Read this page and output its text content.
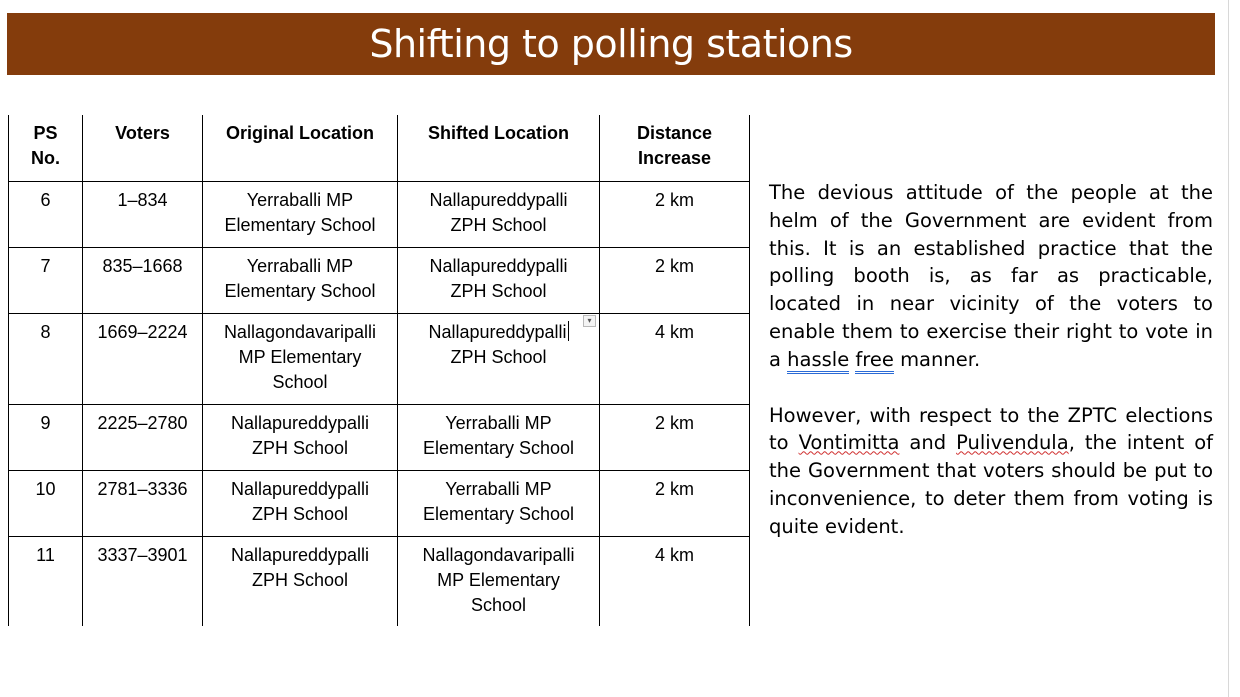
Shifting to polling stations
PS
No.	Voters	Original Location	Shifted Location	Distance
Increase
6	1–834	Yerraballi MP
Elementary School	Nallapureddypalli
ZPH School	2 km
7	835–1668	Yerraballi MP
Elementary School	Nallapureddypalli
ZPH School	2 km
8	1669–2224	Nallagondavaripalli
MP Elementary
School	Nallapureddypalli
ZPH School	4 km
9	2225–2780	Nallapureddypalli
ZPH School	Yerraballi MP
Elementary School	2 km
10	2781–3336	Nallapureddypalli
ZPH School	Yerraballi MP
Elementary School	2 km
11	3337–3901	Nallapureddypalli
ZPH School	Nallagondavaripalli
MP Elementary
School	4 km
▾

The devious attitude of the people at the helm of the Government are evident from this. It is an established practice that the polling booth is, as far as practicable, located in near vicinity of the voters to enable them to exercise their right to vote in a hassle free manner.

However, with respect to the ZPTC elections to Vontimitta and Pulivendula, the intent of the Government that voters should be put to inconvenience, to deter them from voting is quite evident.
